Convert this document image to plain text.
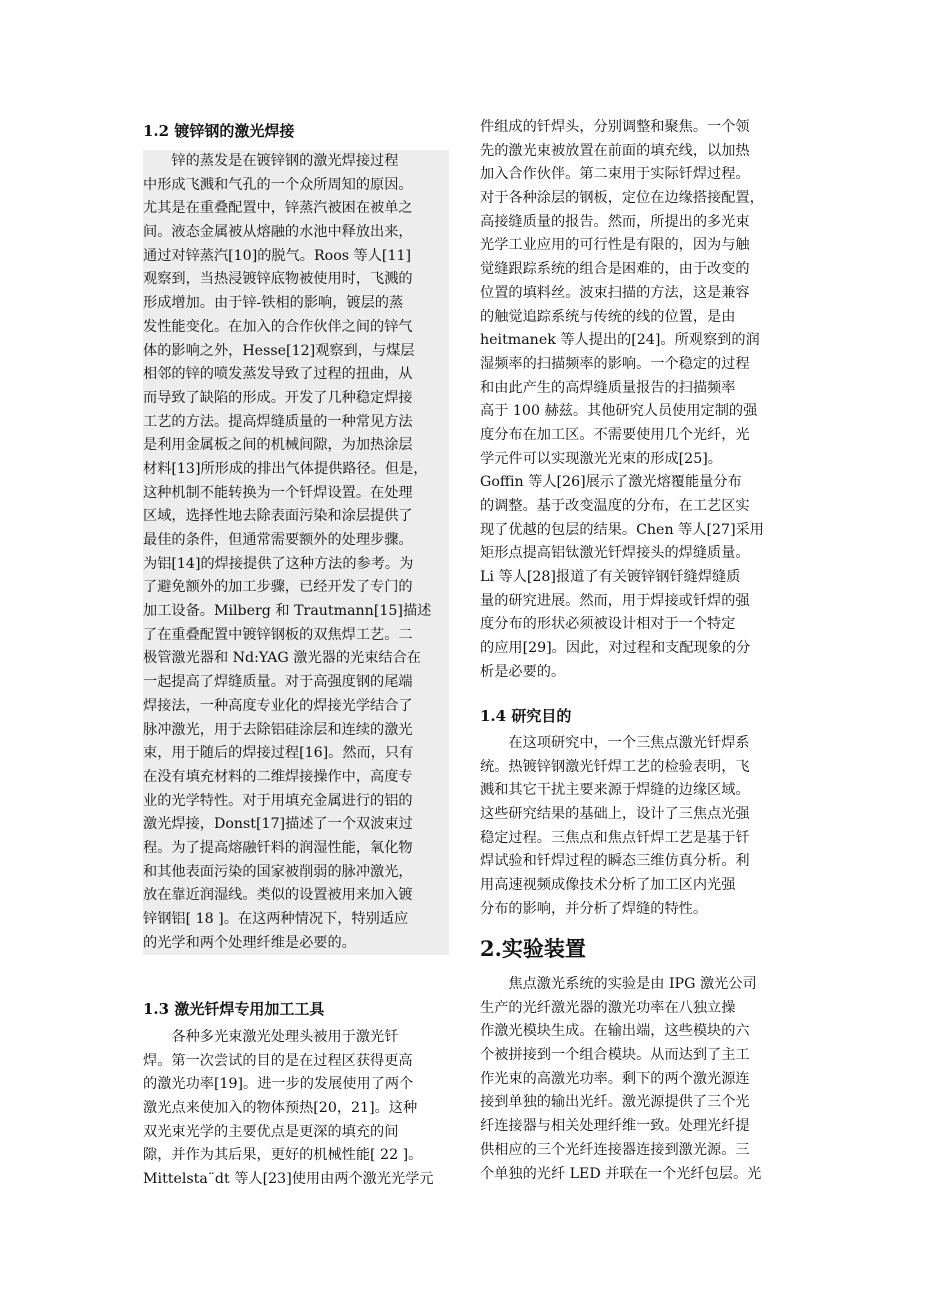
1.2 镀锌钢的激光焊接
　　锌的蒸发是在镀锌钢的激光焊接过程
中形成飞溅和气孔的一个众所周知的原因。
尤其是在重叠配置中，锌蒸汽被困在被单之
间。液态金属被从熔融的水池中释放出来，
通过对锌蒸汽[10]的脱气。Roos 等人[11]
观察到，当热浸镀锌底物被使用时，飞溅的
形成增加。由于锌-铁相的影响，镀层的蒸
发性能变化。在加入的合作伙伴之间的锌气
体的影响之外，Hesse[12]观察到，与煤层
相邻的锌的喷发蒸发导致了过程的扭曲，从
而导致了缺陷的形成。开发了几种稳定焊接
工艺的方法。提高焊缝质量的一种常见方法
是利用金属板之间的机械间隙，为加热涂层
材料[13]所形成的排出气体提供路径。但是，
这种机制不能转换为一个钎焊设置。在处理
区域，选择性地去除表面污染和涂层提供了
最佳的条件，但通常需要额外的处理步骤。
为铝[14]的焊接提供了这种方法的参考。为
了避免额外的加工步骤，已经开发了专门的
加工设备。Milberg 和 Trautmann[15]描述
了在重叠配置中镀锌钢板的双焦焊工艺。二
极管激光器和 Nd:YAG 激光器的光束结合在
一起提高了焊缝质量。对于高强度钢的尾端
焊接法，一种高度专业化的焊接光学结合了
脉冲激光，用于去除铝硅涂层和连续的激光
束，用于随后的焊接过程[16]。然而，只有
在没有填充材料的二维焊接操作中，高度专
业的光学特性。对于用填充金属进行的铝的
激光焊接，Donst[17]描述了一个双波束过
程。为了提高熔融钎料的润湿性能，氧化物
和其他表面污染的国家被削弱的脉冲激光，
放在靠近润湿线。类似的设置被用来加入镀
锌钢铝[ 18 ]。在这两种情况下，特别适应
的光学和两个处理纤维是必要的。
1.3 激光钎焊专用加工工具
　　各种多光束激光处理头被用于激光钎
焊。第一次尝试的目的是在过程区获得更高
的激光功率[19]。进一步的发展使用了两个
激光点来使加入的物体预热[20，21]。这种
双光束光学的主要优点是更深的填充的间
隙，并作为其后果，更好的机械性能[ 22 ]。
Mittelsta¨dt 等人[23]使用由两个激光光学元
件组成的钎焊头，分别调整和聚焦。一个领
先的激光束被放置在前面的填充线，以加热
加入合作伙伴。第二束用于实际钎焊过程。
对于各种涂层的钢板，定位在边缘搭接配置，
高接缝质量的报告。然而，所提出的多光束
光学工业应用的可行性是有限的，因为与触
觉缝跟踪系统的组合是困难的，由于改变的
位置的填料丝。波束扫描的方法，这是兼容
的触觉追踪系统与传统的线的位置，是由
heitmanek 等人提出的[24]。所观察到的润
湿频率的扫描频率的影响。一个稳定的过程
和由此产生的高焊缝质量报告的扫描频率
高于 100 赫兹。其他研究人员使用定制的强
度分布在加工区。不需要使用几个光纤，光
学元件可以实现激光光束的形成[25]。
Goffin 等人[26]展示了激光熔覆能量分布
的调整。基于改变温度的分布，在工艺区实
现了优越的包层的结果。Chen 等人[27]采用
矩形点提高铝钛激光钎焊接头的焊缝质量。
Li 等人[28]报道了有关镀锌钢钎缝焊缝质
量的研究进展。然而，用于焊接或钎焊的强
度分布的形状必须被设计相对于一个特定
的应用[29]。因此，对过程和支配现象的分
析是必要的。
1.4 研究目的
　　在这项研究中，一个三焦点激光钎焊系
统。热镀锌钢激光钎焊工艺的检验表明，飞
溅和其它干扰主要来源于焊缝的边缘区域。
这些研究结果的基础上，设计了三焦点光强
稳定过程。三焦点和焦点钎焊工艺是基于钎
焊试验和钎焊过程的瞬态三维仿真分析。利
用高速视频成像技术分析了加工区内光强
分布的影响，并分析了焊缝的特性。
2.实验装置
　　焦点激光系统的实验是由 IPG 激光公司
生产的光纤激光器的激光功率在八独立操
作激光模块生成。在输出端，这些模块的六
个被拼接到一个组合模块。从而达到了主工
作光束的高激光功率。剩下的两个激光源连
接到单独的输出光纤。激光源提供了三个光
纤连接器与相关处理纤维一致。处理光纤提
供相应的三个光纤连接器连接到激光源。三
个单独的光纤 LED 并联在一个光纤包层。光
